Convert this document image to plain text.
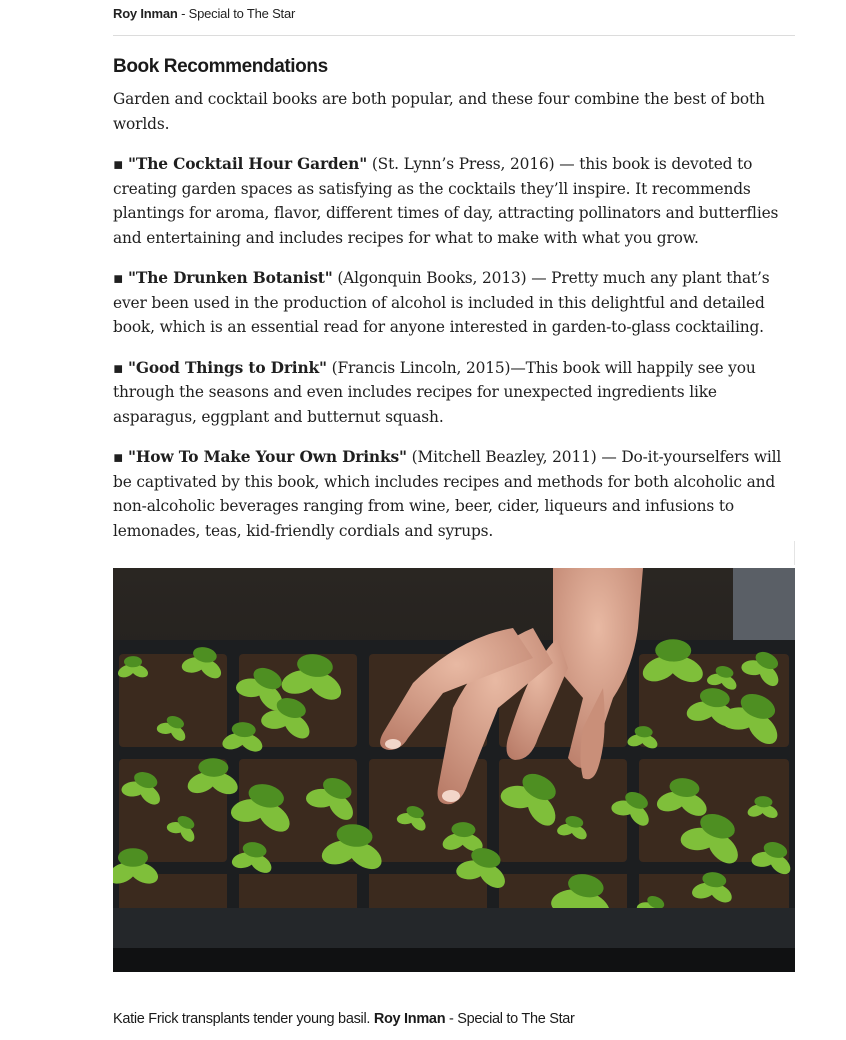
Roy Inman - Special to The Star
Book Recommendations

Garden and cocktail books are both popular, and these four combine the best of both worlds.

▪ "The Cocktail Hour Garden" (St. Lynn’s Press, 2016) — this book is devoted to creating garden spaces as satisfying as the cocktails they’ll inspire. It recommends plantings for aroma, flavor, different times of day, attracting pollinators and butterflies and entertaining and includes recipes for what to make with what you grow.

▪ "The Drunken Botanist" (Algonquin Books, 2013) — Pretty much any plant that’s ever been used in the production of alcohol is included in this delightful and detailed book, which is an essential read for anyone interested in garden-to-glass cocktailing.

▪ "Good Things to Drink" (Francis Lincoln, 2015)—This book will happily see you through the seasons and even includes recipes for unexpected ingredients like asparagus, eggplant and butternut squash.

▪ "How To Make Your Own Drinks" (Mitchell Beazley, 2011) — Do-it-yourselfers will be captivated by this book, which includes recipes and methods for both alcoholic and non-alcoholic beverages ranging from wine, beer, cider, liqueurs and infusions to lemonades, teas, kid-friendly cordials and syrups.

Katie Frick transplants tender young basil. Roy Inman - Special to The Star
